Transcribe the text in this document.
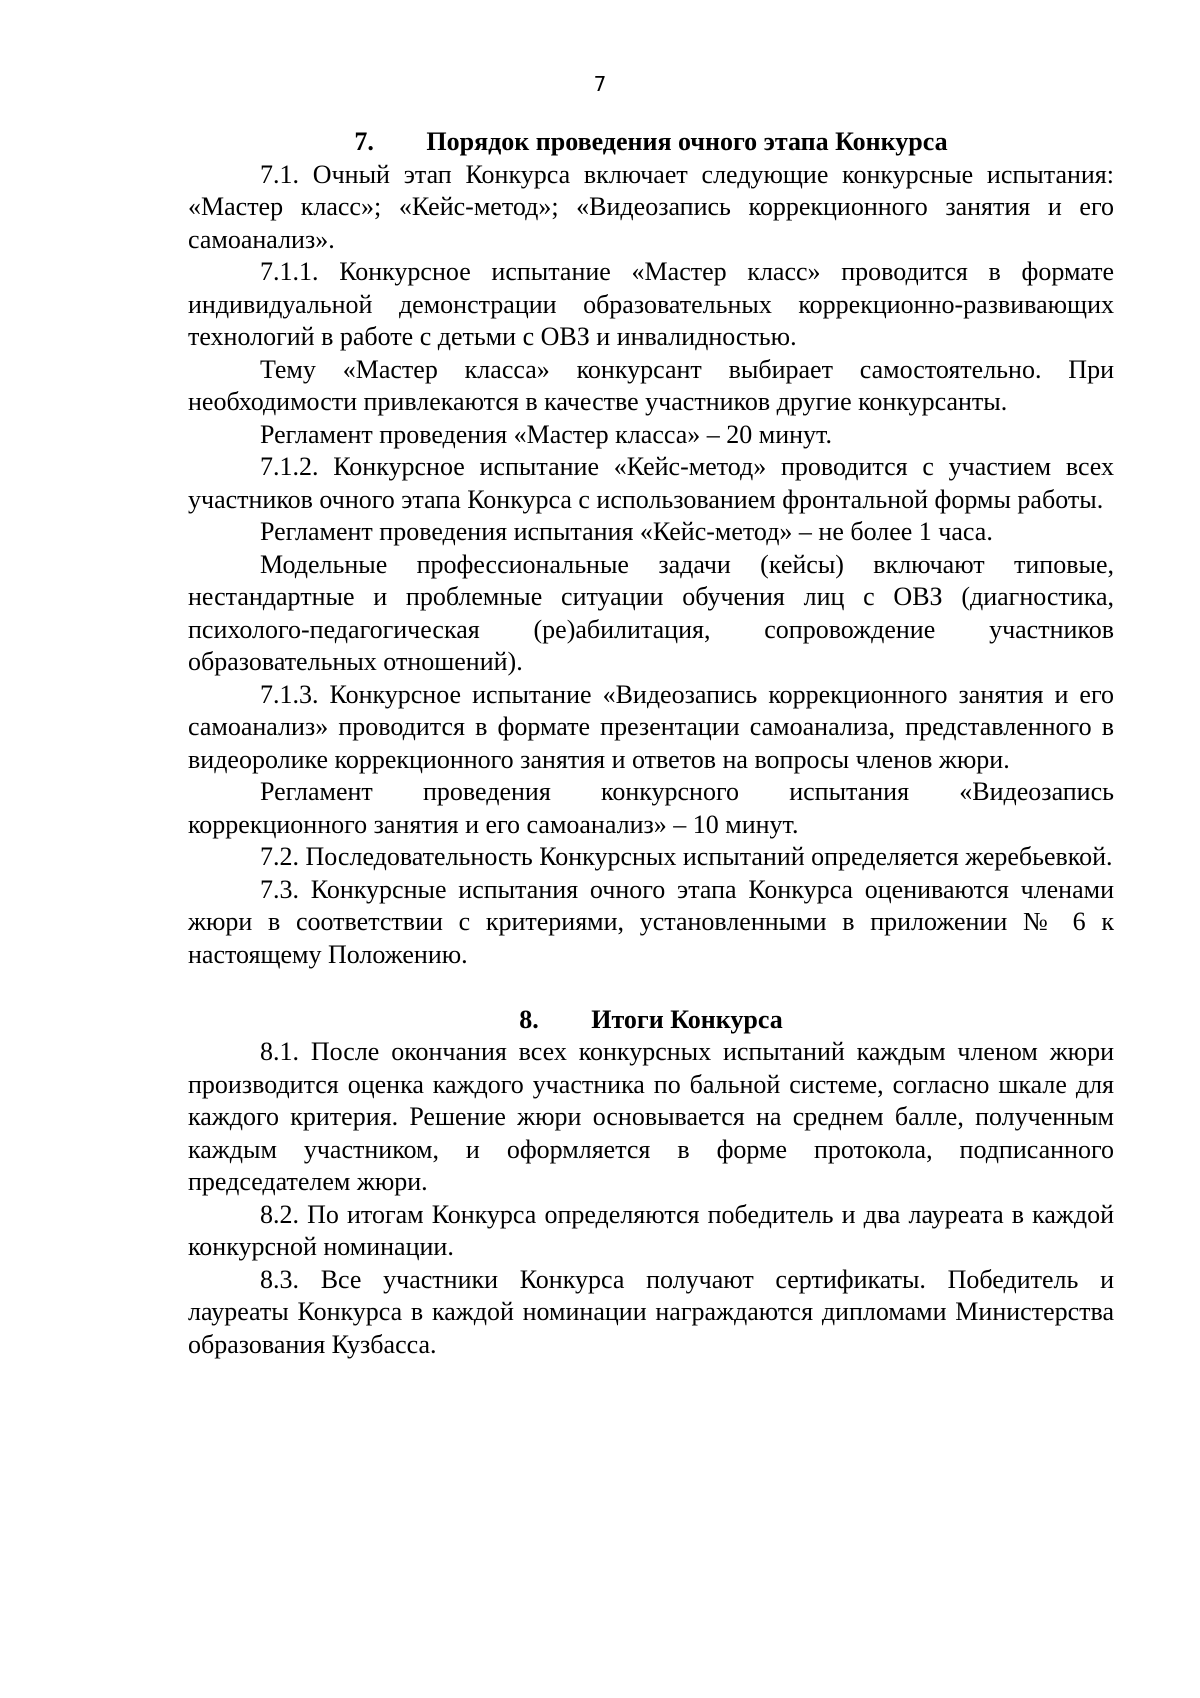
7

7. Порядок проведения очного этапа Конкурса

7.1. Очный этап Конкурса включает следующие конкурсные испытания: «Мастер класс»; «Кейс-метод»; «Видеозапись коррекционного занятия и его самоанализ».

7.1.1. Конкурсное испытание «Мастер класс» проводится в формате индивидуальной демонстрации образовательных коррекционно-развивающих технологий в работе с детьми с ОВЗ и инвалидностью.

Тему «Мастер класса» конкурсант выбирает самостоятельно. При необходимости привлекаются в качестве участников другие конкурсанты.

Регламент проведения «Мастер класса» – 20 минут.

7.1.2. Конкурсное испытание «Кейс-метод» проводится с участием всех участников очного этапа Конкурса с использованием фронтальной формы работы.

Регламент проведения испытания «Кейс-метод» – не более 1 часа.

Модельные профессиональные задачи (кейсы) включают типовые, нестандартные и проблемные ситуации обучения лиц с ОВЗ (диагностика, психолого-педагогическая (ре)абилитация, сопровождение участников образовательных отношений).

7.1.3. Конкурсное испытание «Видеозапись коррекционного занятия и его самоанализ» проводится в формате презентации самоанализа, представленного в видеоролике коррекционного занятия и ответов на вопросы членов жюри.

Регламент проведения конкурсного испытания «Видеозапись коррекционного занятия и его самоанализ» – 10 минут.

7.2. Последовательность Конкурсных испытаний определяется жеребьевкой.

7.3. Конкурсные испытания очного этапа Конкурса оцениваются членами жюри в соответствии с критериями, установленными в приложении № 6 к настоящему Положению.

8. Итоги Конкурса

8.1. После окончания всех конкурсных испытаний каждым членом жюри производится оценка каждого участника по бальной системе, согласно шкале для каждого критерия. Решение жюри основывается на среднем балле, полученным каждым участником, и оформляется в форме протокола, подписанного председателем жюри.

8.2. По итогам Конкурса определяются победитель и два лауреата в каждой конкурсной номинации.

8.3. Все участники Конкурса получают сертификаты. Победитель и лауреаты Конкурса в каждой номинации награждаются дипломами Министерства образования Кузбасса.
